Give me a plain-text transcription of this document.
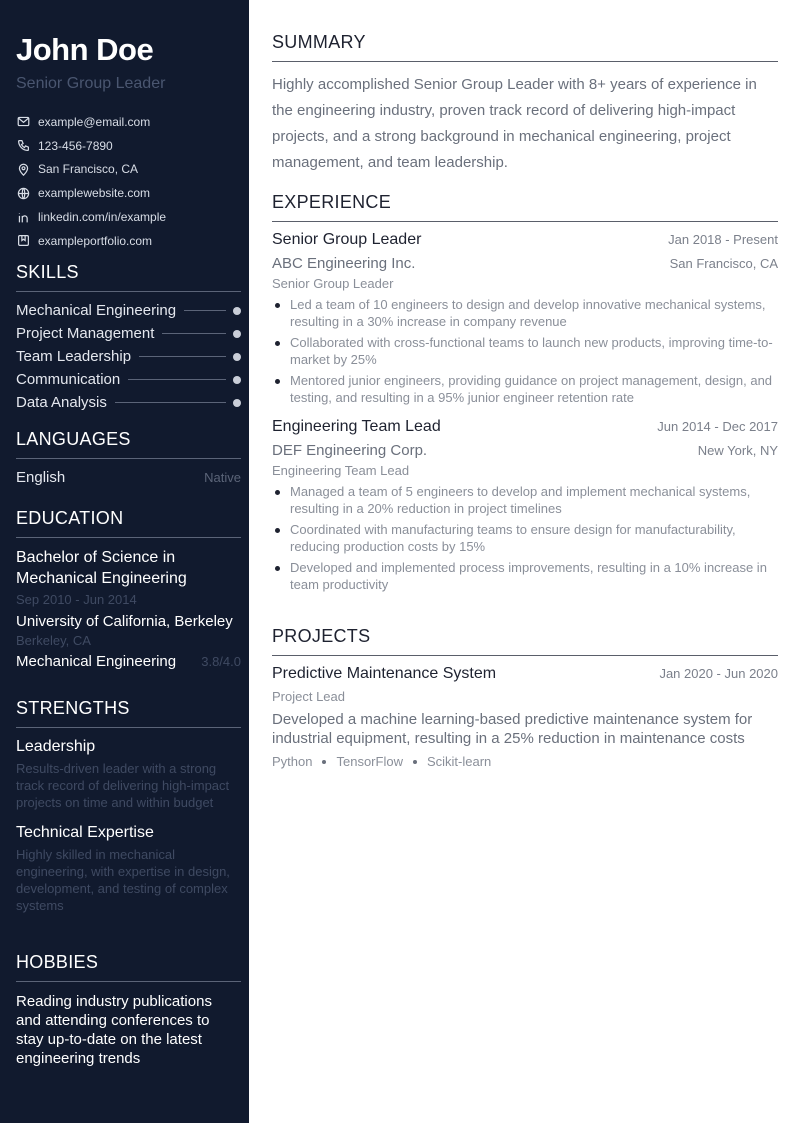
John Doe
Senior Group Leader
example@email.com
123-456-7890
San Francisco, CA
examplewebsite.com
linkedin.com/in/example
exampleportfolio.com
SKILLS
Mechanical Engineering
Project Management
Team Leadership
Communication
Data Analysis
LANGUAGES
English	Native
EDUCATION
Bachelor of Science in Mechanical Engineering
Sep 2010 - Jun 2014
University of California, Berkeley
Berkeley, CA
Mechanical Engineering 3.8/4.0
STRENGTHS
Leadership
Results-driven leader with a strong track record of delivering high-impact projects on time and within budget
Technical Expertise
Highly skilled in mechanical engineering, with expertise in design, development, and testing of complex systems
HOBBIES
Reading industry publications and attending conferences to stay up-to-date on the latest engineering trends
SUMMARY
Highly accomplished Senior Group Leader with 8+ years of experience in the engineering industry, proven track record of delivering high-impact projects, and a strong background in mechanical engineering, project management, and team leadership.
EXPERIENCE
Senior Group Leader	Jan 2018 - Present
ABC Engineering Inc.	San Francisco, CA
Senior Group Leader
Led a team of 10 engineers to design and develop innovative mechanical systems, resulting in a 30% increase in company revenue
Collaborated with cross-functional teams to launch new products, improving time-to-market by 25%
Mentored junior engineers, providing guidance on project management, design, and testing, and resulting in a 95% junior engineer retention rate
Engineering Team Lead	Jun 2014 - Dec 2017
DEF Engineering Corp.	New York, NY
Engineering Team Lead
Managed a team of 5 engineers to develop and implement mechanical systems, resulting in a 20% reduction in project timelines
Coordinated with manufacturing teams to ensure design for manufacturability, reducing production costs by 15%
Developed and implemented process improvements, resulting in a 10% increase in team productivity
PROJECTS
Predictive Maintenance System	Jan 2020 - Jun 2020
Project Lead
Developed a machine learning-based predictive maintenance system for industrial equipment, resulting in a 25% reduction in maintenance costs
Python TensorFlow Scikit-learn
